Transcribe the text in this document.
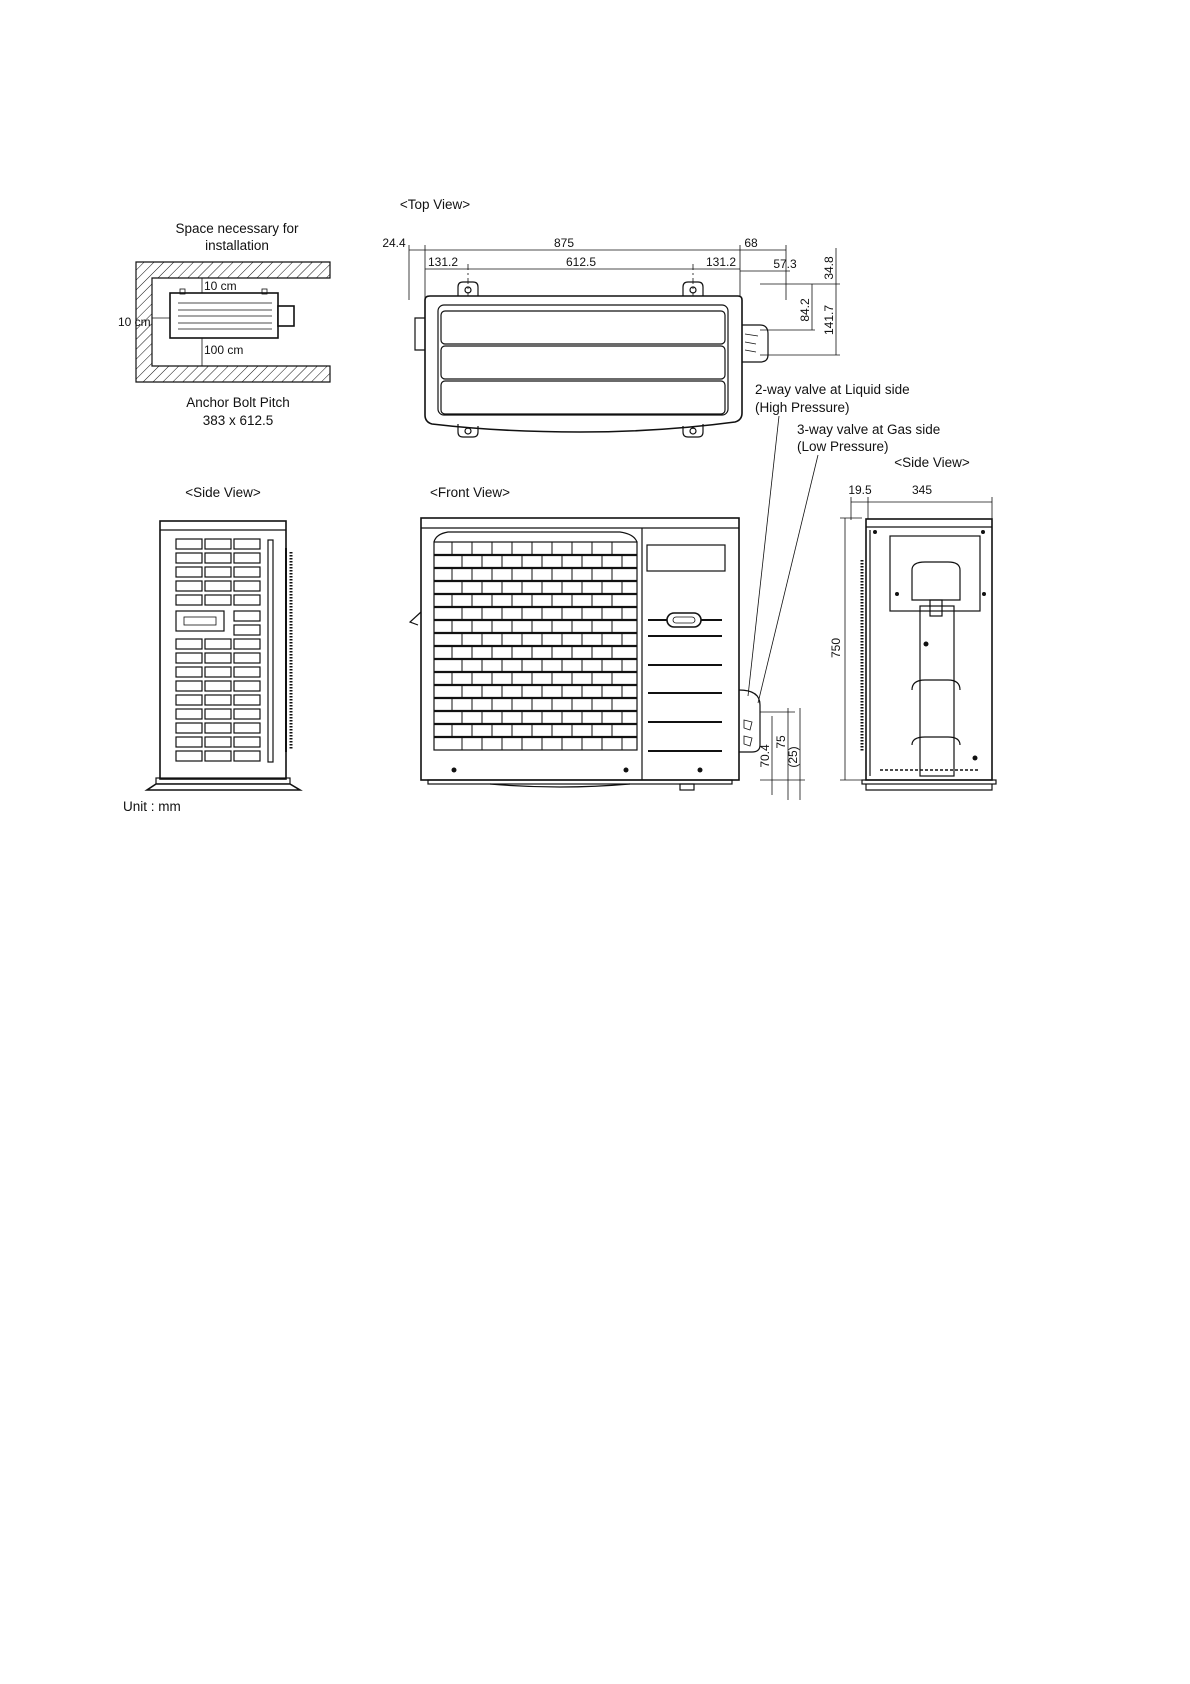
Space necessary for
installation
10 cm
10 cm
100 cm
Anchor Bolt Pitch
383 x 612.5
<Top View>
24.4	875	68
131.2	612.5	131.2	57.3 34.8
84.2 141.7
2-way valve at Liquid side
(High Pressure)
3-way valve at Gas side
(Low Pressure)
<Side View>	<Front View>
70.4
75
(25)
<Side View>
19.5	345
750
Unit : mm
